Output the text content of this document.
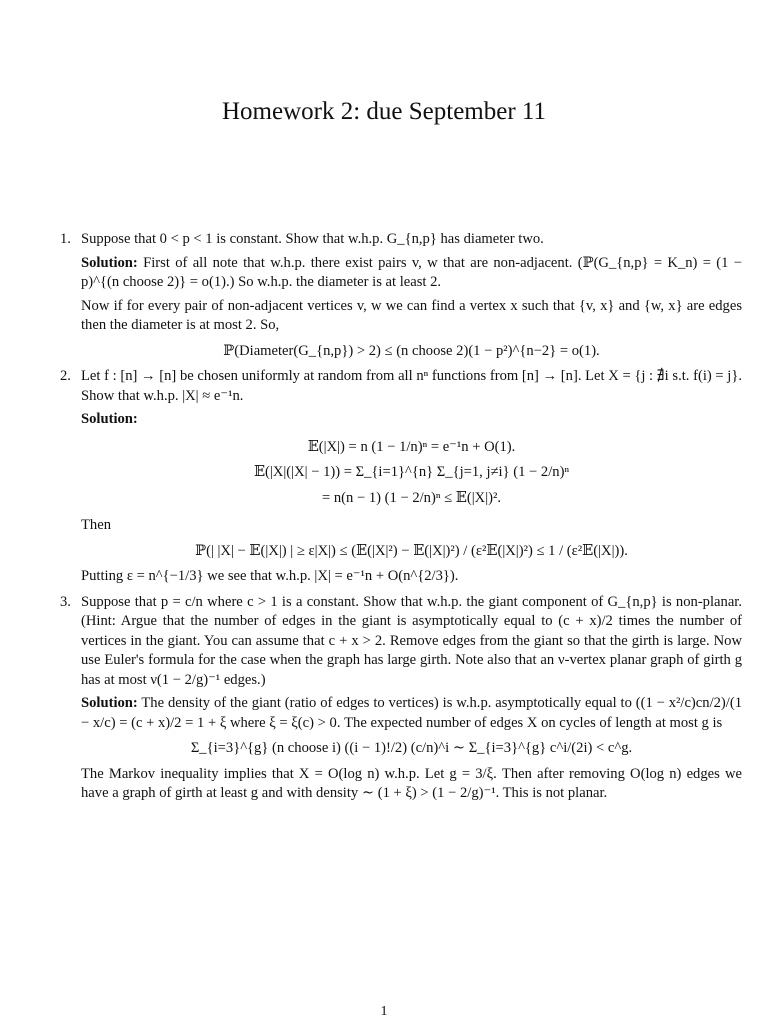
Homework 2: due September 11
1. Suppose that 0 < p < 1 is constant. Show that w.h.p. G_{n,p} has diameter two.

Solution: First of all note that w.h.p. there exist pairs v, w that are non-adjacent. (ℙ(G_{n,p} = K_n) = (1 − p)^{(n choose 2)} = o(1).) So w.h.p. the diameter is at least 2.

Now if for every pair of non-adjacent vertices v, w we can find a vertex x such that {v, x} and {w, x} are edges then the diameter is at most 2. So,

ℙ(Diameter(G_{n,p}) > 2) ≤ (n choose 2)(1 − p²)^{n−2} = o(1).
2. Let f : [n] → [n] be chosen uniformly at random from all nⁿ functions from [n] → [n]. Let X = {j : ∄i s.t. f(i) = j}. Show that w.h.p. |X| ≈ e⁻¹n.

Solution:

𝔼(|X|) = n (1 − 1/n)ⁿ = e⁻¹n + O(1).
𝔼(|X|(|X| − 1)) = Σ_{i=1}^{n} Σ_{j=1, j≠i} (1 − 2/n)ⁿ
= n(n − 1) (1 − 2/n)ⁿ ≤ 𝔼(|X|)².

Then

ℙ(| |X| − 𝔼(|X|) | ≥ ε|X|) ≤ (𝔼(|X|²) − 𝔼(|X|)²) / (ε²𝔼(|X|)²) ≤ 1 / (ε²𝔼(|X|)).

Putting ε = n^{−1/3} we see that w.h.p. |X| = e⁻¹n + O(n^{2/3}).

3. Suppose that p = c/n where c > 1 is a constant. Show that w.h.p. the giant component of G_{n,p} is non-planar. (Hint: Argue that the number of edges in the giant is asymptotically equal to (c + x)/2 times the number of vertices in the giant. You can assume that c + x > 2. Remove edges from the giant so that the girth is large. Now use Euler's formula for the case when the graph has large girth. Note also that an ν-vertex planar graph of girth g has at most ν(1 − 2/g)⁻¹ edges.)

Solution: The density of the giant (ratio of edges to vertices) is w.h.p. asymptotically equal to ((1 − x²/c)cn/2)/(1 − x/c) = (c + x)/2 = 1 + ξ where ξ = ξ(c) > 0. The expected number of edges X on cycles of length at most g is

Σ_{i=3}^{g} (n choose i) ((i − 1)!/2) (c/n)^i ∼ Σ_{i=3}^{g} c^i/(2i) < c^g.

The Markov inequality implies that X = O(log n) w.h.p. Let g = 3/ξ. Then after removing O(log n) edges we have a graph of girth at least g and with density ∼ (1 + ξ) > (1 − 2/g)⁻¹. This is not planar.

1
